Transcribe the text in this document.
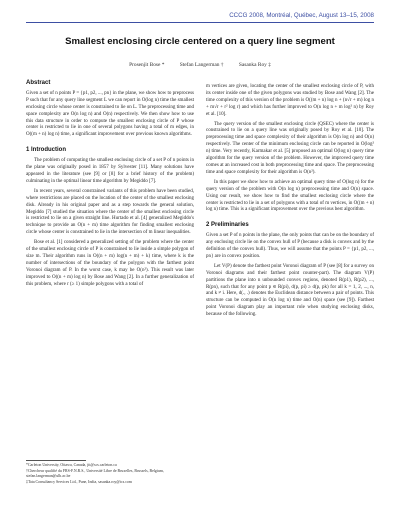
CCCG 2008, Montréal, Québec, August 13–15, 2008
Smallest enclosing circle centered on a query line segment
Prosenjit Bose *	Stefan Langerman †	Sasanka Roy ‡
Abstract

Given a set of n points P = {p1, p2, ..., pn} in the plane, we show how to preprocess P such that for any query line segment L we can report in O(log n) time the smallest enclosing circle whose center is constrained to lie on L. The preprocessing time and space complexity are O(n log n) and O(n) respectively. We then show how to use this data structure in order to compute the smallest enclosing circle of P whose center is restricted to lie in one of several polygons having a total of m edges, in O((m + n) log n) time, a significant improvement over previous known algorithms.

1 Introduction

The problem of computing the smallest enclosing circle of a set P of n points in the plane was originally posed in 1857 by Sylvester [11]. Many solutions have appeared in the literature (see [9] or [8] for a brief history of the problem) culminating in the optimal linear time algorithm by Megiddo [7].

In recent years, several constrained variants of this problem have been studied, where restrictions are placed on the location of the center of the smallest enclosing disk. Already in his original paper and as a step towards the general solution, Megiddo [7] studied the situation where the center of the smallest enclosing circle is restricted to lie on a given straight line. Hurtado et al. [4] generalized Megiddo's technique to provide an O(n + m) time algorithm for finding smallest enclosing circle whose center is constrained to lie in the intersection of m linear inequalities.

Bose et al. [1] considered a generalized setting of the problem where the center of the smallest enclosing circle of P is constrained to lie inside a simple polygon of size m. Their algorithm runs in O((n + m) log(n + m) + k) time, where k is the number of intersections of the boundary of the polygon with the farthest point Voronoi diagram of P. In the worst case, k may be O(n²). This result was later improved to O((n + m) log n) by Bose and Wang [2]. In a further generalization of this problem, where r (≥ 1) simple polygons with a total of

m vertices are given, locating the center of the smallest enclosing circle of P, with its center inside one of the given polygons was studied by Bose and Wang [2]. The time complexity of this version of the problem is O((m + n) log n + (n√r + m) log n + m√r + r² log r) and which has further improved to O(n log n + m log² n) by Roy et al. [10].

The query version of the smallest enclosing circle (QSEC) where the center is constrained to lie on a query line was originally posed by Roy et al. [10]. The preprocessing time and space complexity of their algorithm is O(n log n) and O(n) respectively. The center of the minimum enclosing circle can be reported in O(log² n) time. Very recently, Karmakar et al. [5] proposed an optimal O(log n) query time algorithm for the query version of the problem. However, the improved query time comes at an increased cost in both preprocessing time and space. The preprocessing time and space complexity for their algorithm is O(n²).

In this paper we show how to achieve an optimal query time of O(log n) for the query version of the problem with O(n log n) preprocessing time and O(n) space. Using our result, we show how to find the smallest enclosing circle where the center is restricted to lie in a set of polygons with a total of m vertices, in O((m + n) log n) time. This is a significant improvement over the previous best algorithm.

2 Preliminaries

Given a set P of n points in the plane, the only points that can be on the boundary of any enclosing circle lie on the convex hull of P (because a disk is convex and by the definition of the convex hull). Thus, we will assume that the points P = {p1, p2, ..., pn} are in convex position.

Let V(P) denote the farthest point Voronoi diagram of P (see [8] for a survey on Voronoi diagrams and their farthest point counter-part). The diagram V(P) partitions the plane into n unbounded convex regions, denoted R(p1), R(p2), ..., R(pn), such that for any point p ∈ R(pi), d(p, pi) ≥ d(p, pk) for all k = 1, 2, ..., n, and k ≠ i. Here, d(., .) denotes the Euclidean distance between a pair of points. This structure can be computed in O(n log n) time and O(n) space (see [9]). Farthest point Voronoi diagram play an important role when studying enclosing disks, because of the following.

*Carleton University, Ottawa, Canada, jit@scs.carleton.ca
†Chercheur qualifié du FRS-F.N.R.S., Université Libre de Bruxelles, Brussels, Belgium, stefan.langerman@ulb.ac.be
‡Tata Consultancy Services Ltd., Pune, India, sasanka.roy@tcs.com
